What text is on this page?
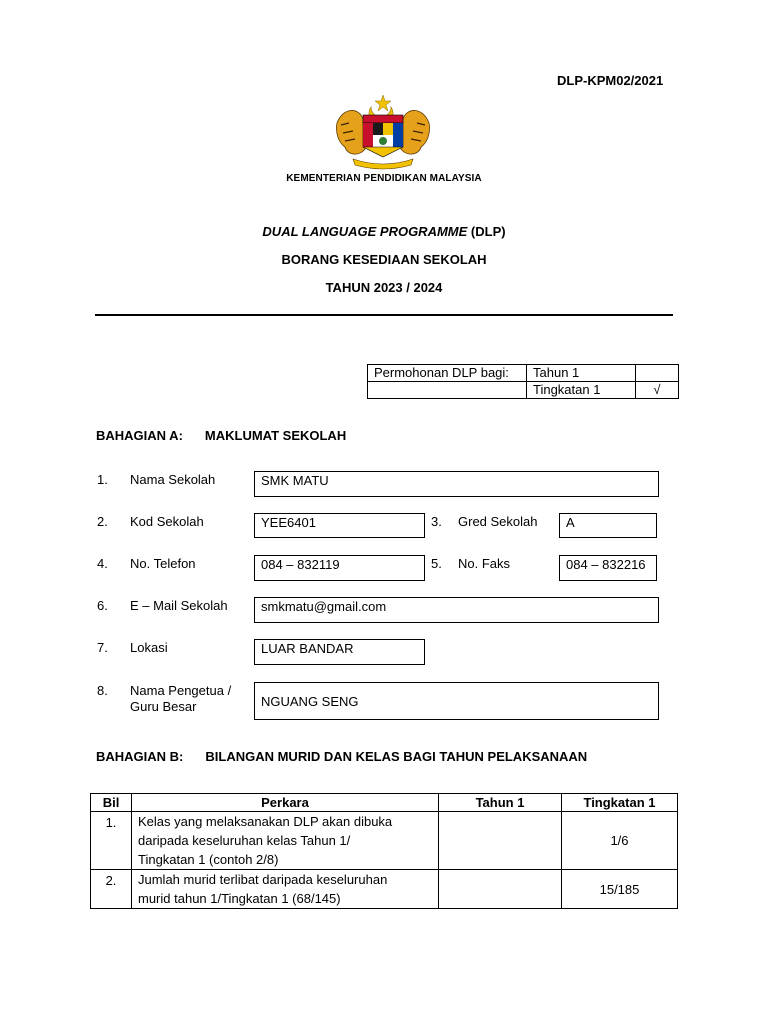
DLP-KPM02/2021
KEMENTERIAN PENDIDIKAN MALAYSIA
DUAL LANGUAGE PROGRAMME (DLP)
BORANG KESEDIAAN SEKOLAH
TAHUN 2023 / 2024
Permohonan DLP bagi:	Tahun 1	
	Tingkatan 1	√
BAHAGIAN A: MAKLUMAT SEKOLAH
1. Nama Sekolah	SMK MATU
2. Kod Sekolah	YEE6401	3. Gred Sekolah	A
4. No. Telefon	084 – 832119	5. No. Faks	084 – 832216
6. E – Mail Sekolah	smkmatu@gmail.com
7. Lokasi	LUAR BANDAR
8. Nama Pengetua /
Guru Besar	NGUANG SENG
BAHAGIAN B: BILANGAN MURID DAN KELAS BAGI TAHUN PELAKSANAAN
Bil	Perkara	Tahun 1	Tingkatan 1
1.	Kelas yang melaksanakan DLP akan dibuka
daripada keseluruhan kelas Tahun 1/
Tingkatan 1 (contoh 2/8)		1/6
2.	Jumlah murid terlibat daripada keseluruhan
murid tahun 1/Tingkatan 1 (68/145)		15/185
